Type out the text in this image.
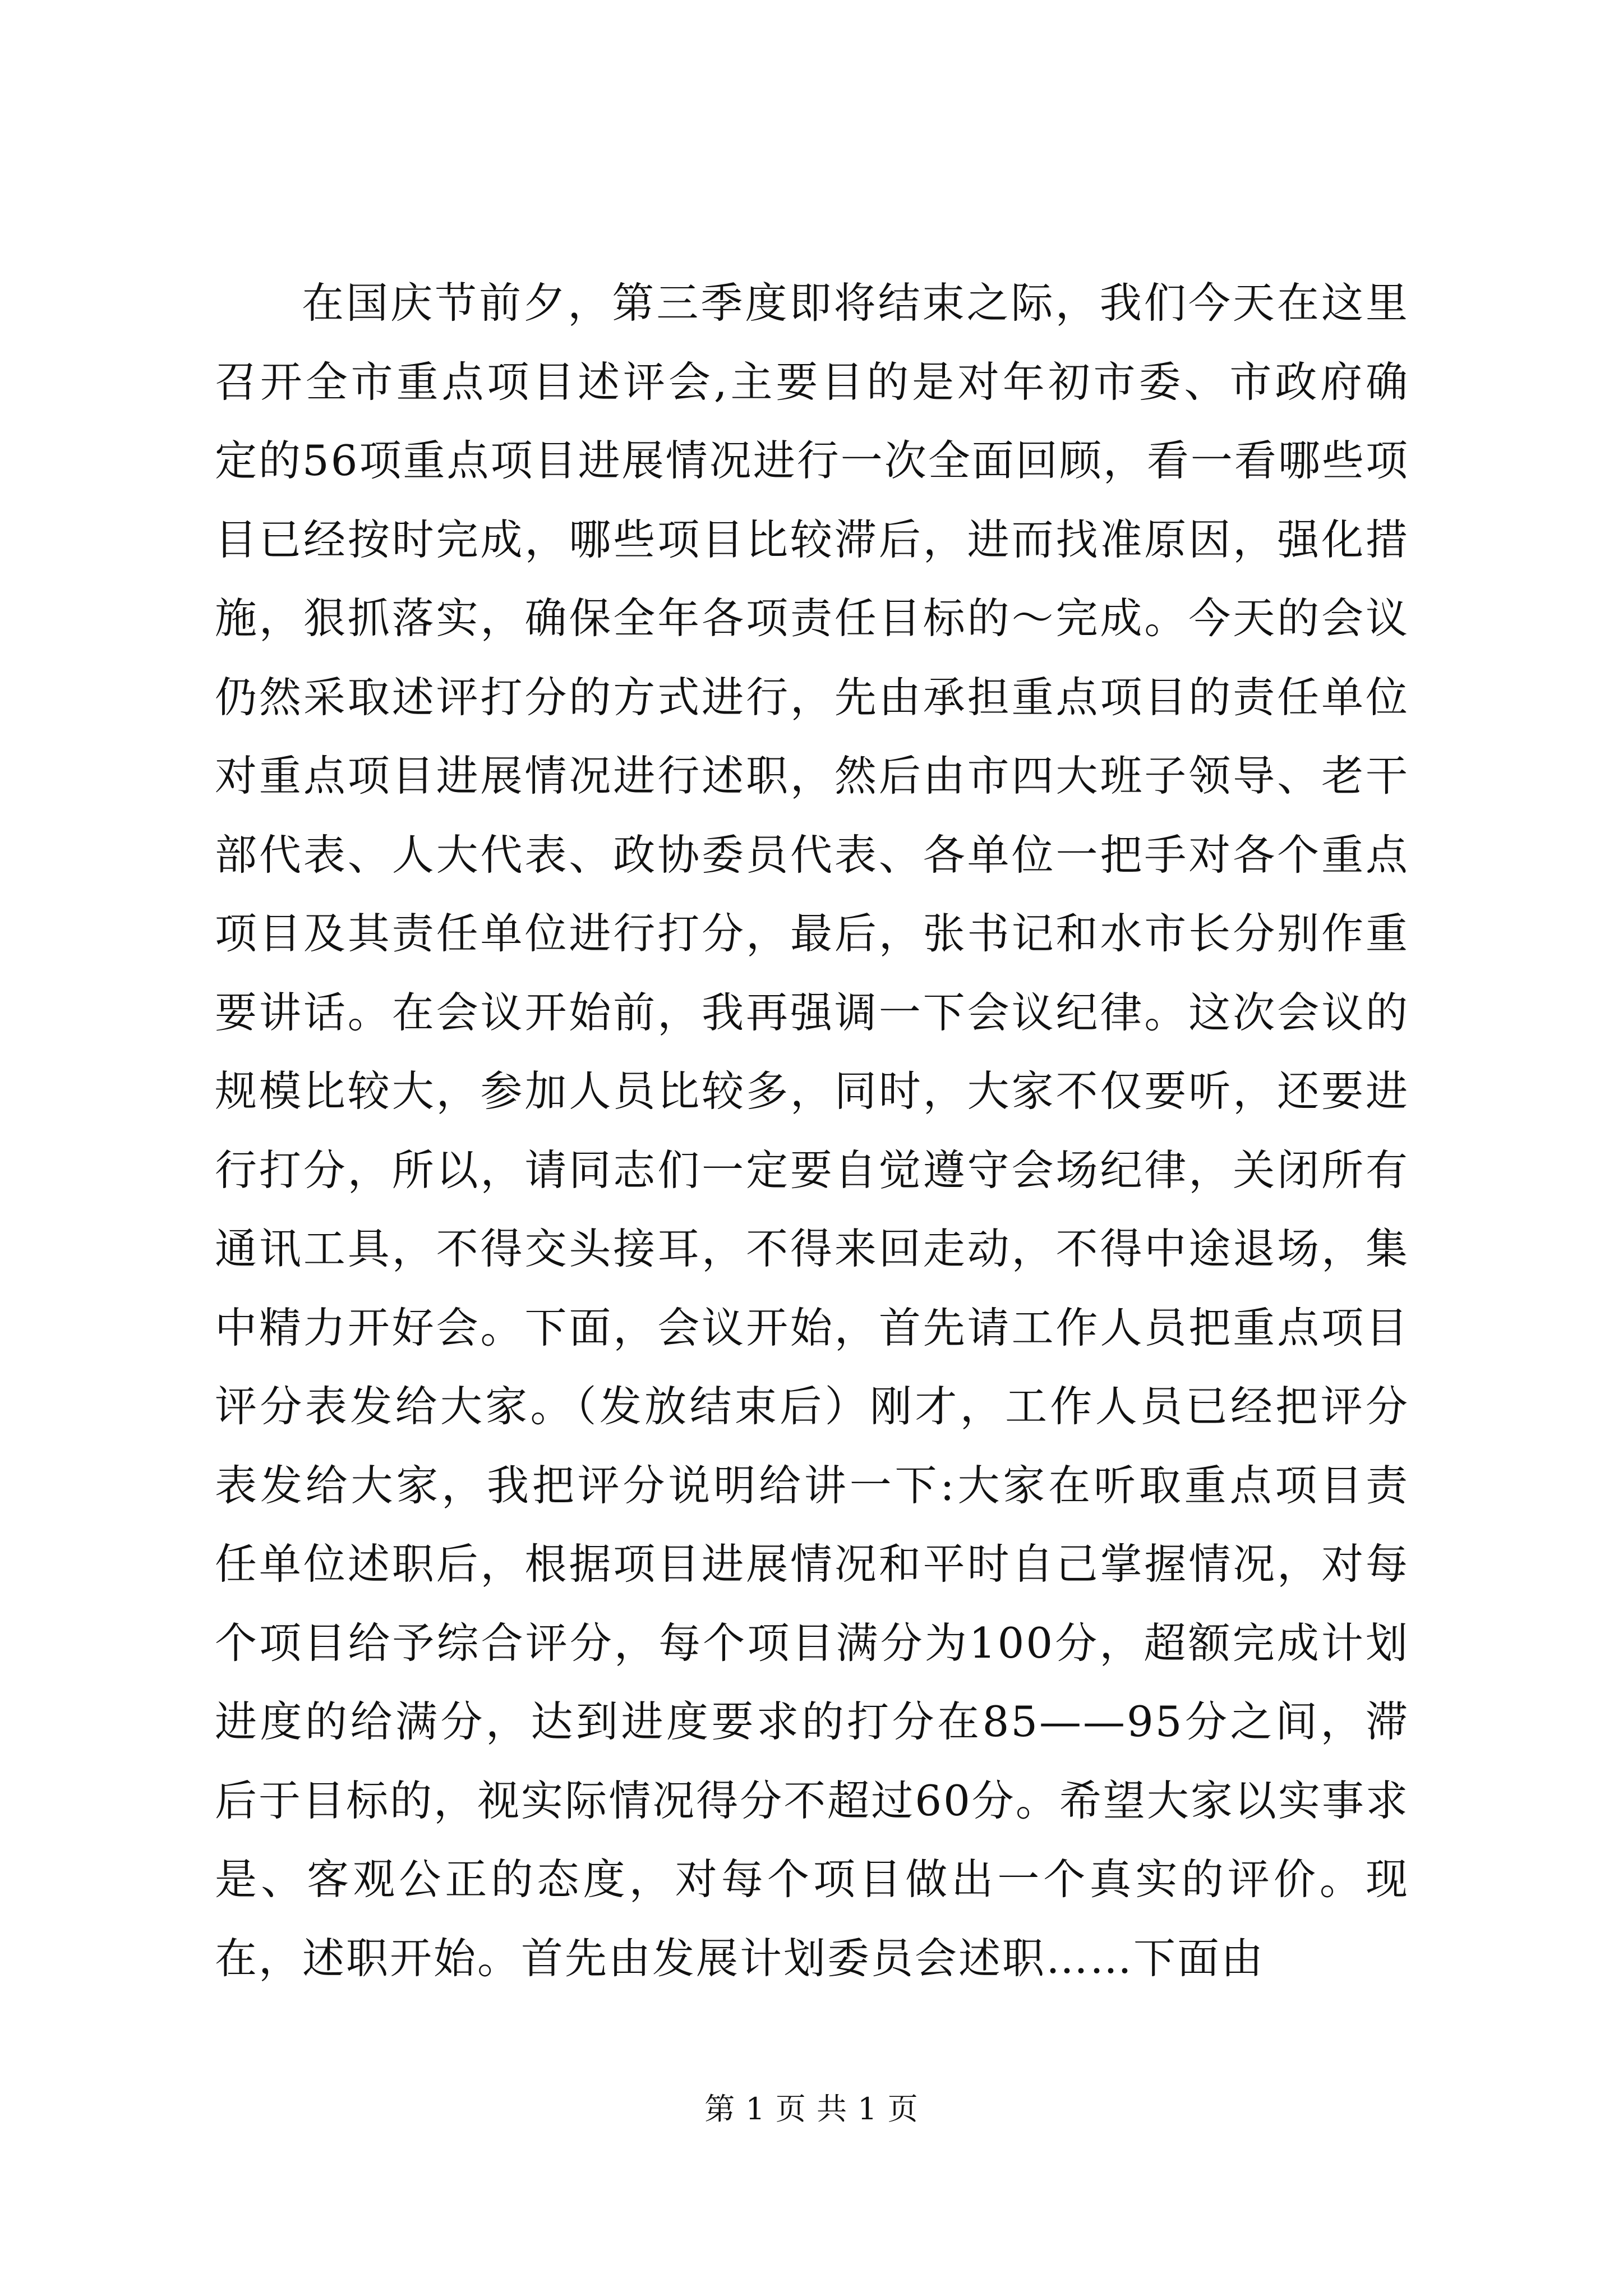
在国庆节前夕，第三季度即将结束之际，我们今天在这里召开全市重点项目述评会,主要目的是对年初市委、市政府确定的56项重点项目进展情况进行一次全面回顾，看一看哪些项目已经按时完成，哪些项目比较滞后，进而找准原因，强化措施，狠抓落实，确保全年各项责任目标的～完成。今天的会议仍然采取述评打分的方式进行，先由承担重点项目的责任单位对重点项目进展情况进行述职，然后由市四大班子领导、老干部代表、人大代表、政协委员代表、各单位一把手对各个重点项目及其责任单位进行打分，最后，张书记和水市长分别作重要讲话。在会议开始前，我再强调一下会议纪律。这次会议的规模比较大，参加人员比较多，同时，大家不仅要听，还要进行打分，所以，请同志们一定要自觉遵守会场纪律，关闭所有通讯工具，不得交头接耳，不得来回走动，不得中途退场，集中精力开好会。下面，会议开始，首先请工作人员把重点项目评分表发给大家。（发放结束后）刚才，工作人员已经把评分表发给大家，我把评分说明给讲一下:大家在听取重点项目责任单位述职后，根据项目进展情况和平时自己掌握情况，对每个项目给予综合评分，每个项目满分为100分，超额完成计划进度的给满分，达到进度要求的打分在85——95分之间，滞后于目标的，视实际情况得分不超过60分。希望大家以实事求是、客观公正的态度，对每个项目做出一个真实的评价。现在，述职开始。首先由发展计划委员会述职……下面由

第 1 页 共 1 页
